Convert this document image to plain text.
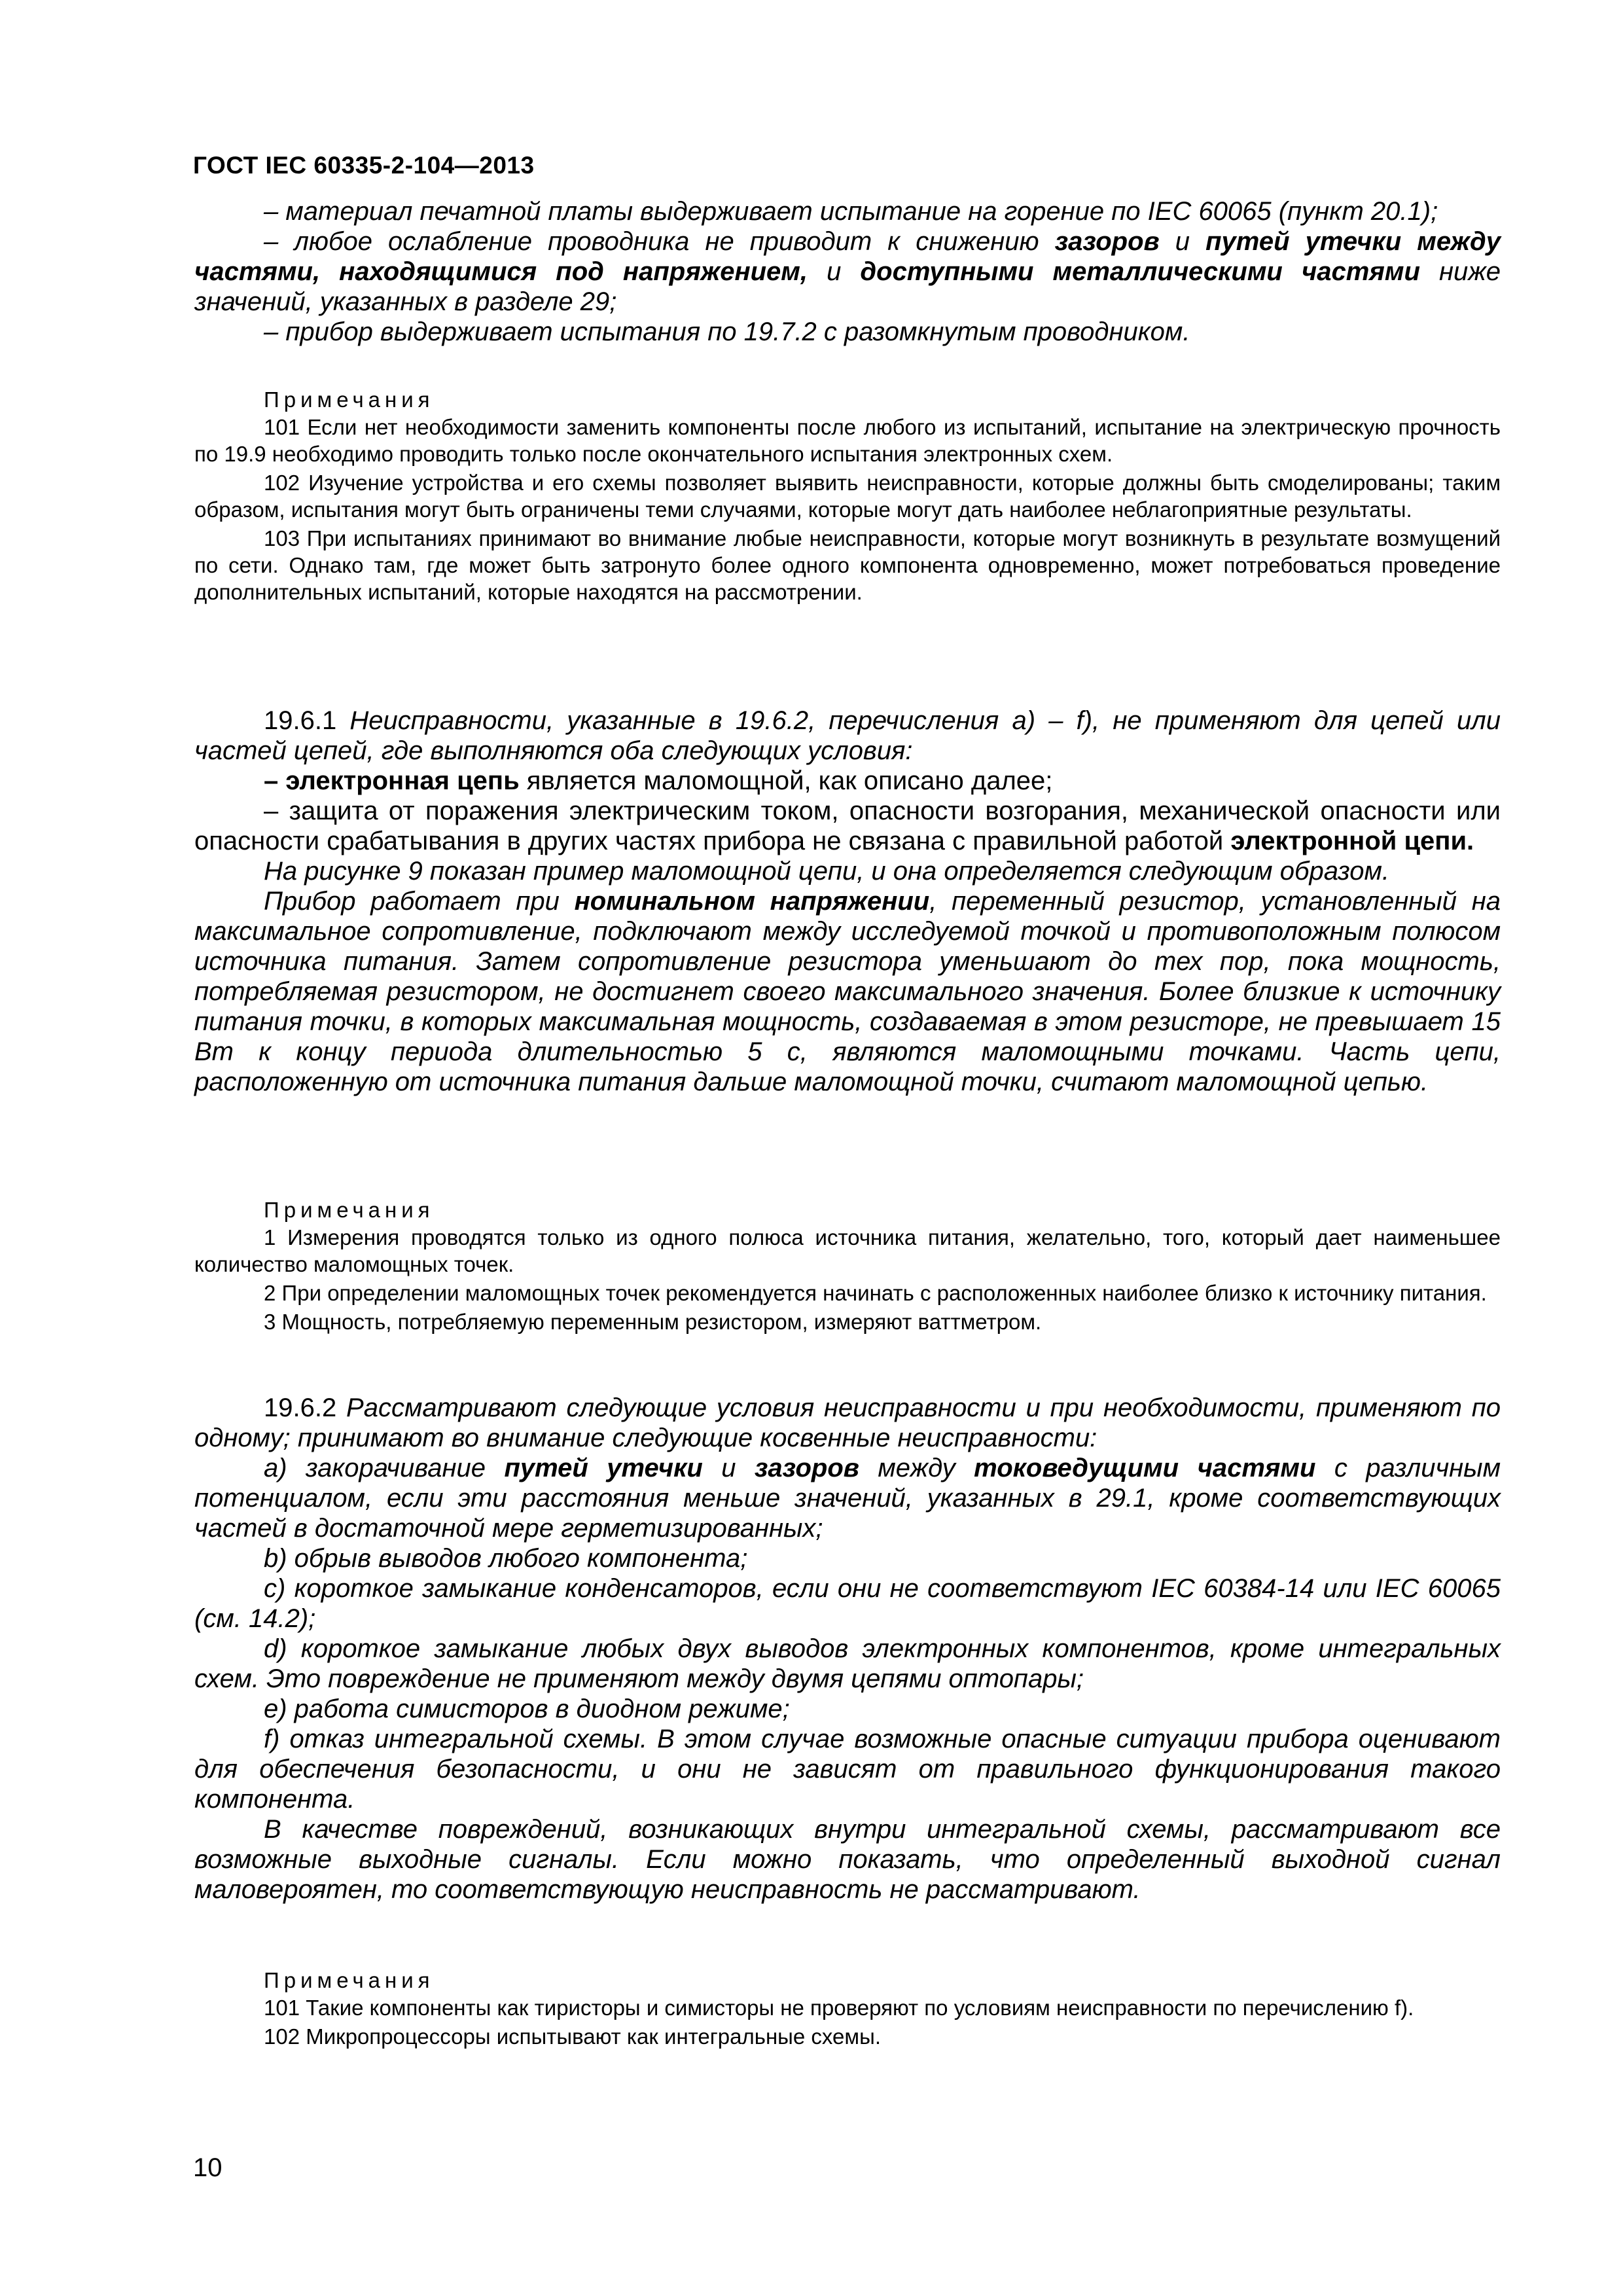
ГОСТ IEC 60335-2-104—2013

– материал печатной платы выдерживает испытание на горение по IEC 60065 (пункт 20.1);

– любое ослабление проводника не приводит к снижению зазоров и путей утечки между частями, находящимися под напряжением, и доступными металлическими частями ниже значений, указанных в разделе 29;

– прибор выдерживает испытания по 19.7.2 с разомкнутым проводником.

Примечания

101 Если нет необходимости заменить компоненты после любого из испытаний, испытание на электрическую прочность по 19.9 необходимо проводить только после окончательного испытания электронных схем.

102 Изучение устройства и его схемы позволяет выявить неисправности, которые должны быть смоделированы; таким образом, испытания могут быть ограничены теми случаями, которые могут дать наиболее неблагоприятные результаты.

103 При испытаниях принимают во внимание любые неисправности, которые могут возникнуть в результате возмущений по сети. Однако там, где может быть затронуто более одного компонента одновременно, может потребоваться проведение дополнительных испытаний, которые находятся на рассмотрении.

19.6.1 Неисправности, указанные в 19.6.2, перечисления a) – f), не применяют для цепей или частей цепей, где выполняются оба следующих условия:

– электронная цепь является маломощной, как описано далее;

– защита от поражения электрическим током, опасности возгорания, механической опасности или опасности срабатывания в других частях прибора не связана с правильной работой электронной цепи.

На рисунке 9 показан пример маломощной цепи, и она определяется следующим образом.

Прибор работает при номинальном напряжении, переменный резистор, установленный на максимальное сопротивление, подключают между исследуемой точкой и противоположным полюсом источника питания. Затем сопротивление резистора уменьшают до тех пор, пока мощность, потребляемая резистором, не достигнет своего максимального значения. Более близкие к источнику питания точки, в которых максимальная мощность, создаваемая в этом резисторе, не превышает 15 Вт к концу периода длительностью 5 с, являются маломощными точками. Часть цепи, расположенную от источника питания дальше маломощной точки, считают маломощной цепью.

Примечания

1 Измерения проводятся только из одного полюса источника питания, желательно, того, который дает наименьшее количество маломощных точек.

2 При определении маломощных точек рекомендуется начинать с расположенных наиболее близко к источнику питания.

3 Мощность, потребляемую переменным резистором, измеряют ваттметром.

19.6.2 Рассматривают следующие условия неисправности и при необходимости, применяют по одному; принимают во внимание следующие косвенные неисправности:

a) закорачивание путей утечки и зазоров между токоведущими частями с различным потенциалом, если эти расстояния меньше значений, указанных в 29.1, кроме соответствующих частей в достаточной мере герметизированных;

b) обрыв выводов любого компонента;

c) короткое замыкание конденсаторов, если они не соответствуют IEC 60384-14 или IEC 60065 (см. 14.2);

d) короткое замыкание любых двух выводов электронных компонентов, кроме интегральных схем. Это повреждение не применяют между двумя цепями оптопары;

e) работа симисторов в диодном режиме;

f) отказ интегральной схемы. В этом случае возможные опасные ситуации прибора оценивают для обеспечения безопасности, и они не зависят от правильного функционирования такого компонента.

В качестве повреждений, возникающих внутри интегральной схемы, рассматривают все возможные выходные сигналы. Если можно показать, что определенный выходной сигнал маловероятен, то соответствующую неисправность не рассматривают.

Примечания

101 Такие компоненты как тиристоры и симисторы не проверяют по условиям неисправности по перечислению f).

102 Микропроцессоры испытывают как интегральные схемы.

10
